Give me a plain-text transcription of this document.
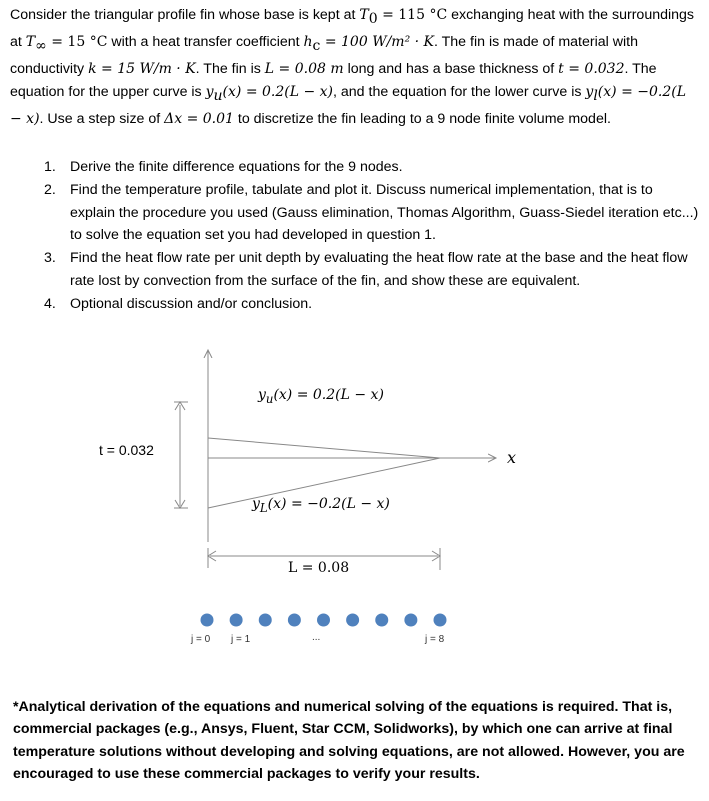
Consider the triangular profile fin whose base is kept at $T_0 = 115$ °C exchanging heat with the surroundings at $T_\infty = 15$ °C with a heat transfer coefficient $h_c = 100$ W/m² · K. The fin is made of material with conductivity k = 15 W/m · K. The fin is L = 0.08 m long and has a base thickness of t = 0.032. The equation for the upper curve is $y_u(x) = 0.2(L - x)$, and the equation for the lower curve is $y_l(x) = -0.2(L - x)$. Use a step size of Δx = 0.01 to discretize the fin leading to a 9 node finite volume model.

1. Derive the finite difference equations for the 9 nodes.
2. Find the temperature profile, tabulate and plot it. Discuss numerical implementation, that is to explain the procedure you used (Gauss elimination, Thomas Algorithm, Guass-Siedel iteration etc...) to solve the equation set you had developed in question 1.
3. Find the heat flow rate per unit depth by evaluating the heat flow rate at the base and the heat flow rate lost by convection from the surface of the fin, and show these are equivalent.
4. Optional discussion and/or conclusion.
$y_u(x) = 0.2(L - x)$
$y_L(x) = -0.2(L - x)$
t = 0.032	x
L = 0.08
j = 0 j = 1	...	j = 8
*Analytical derivation of the equations and numerical solving of the equations is required. That is, commercial packages (e.g., Ansys, Fluent, Star CCM, Solidworks), by which one can arrive at final temperature solutions without developing and solving equations, are not allowed. However, you are encouraged to use these commercial packages to verify your results.
